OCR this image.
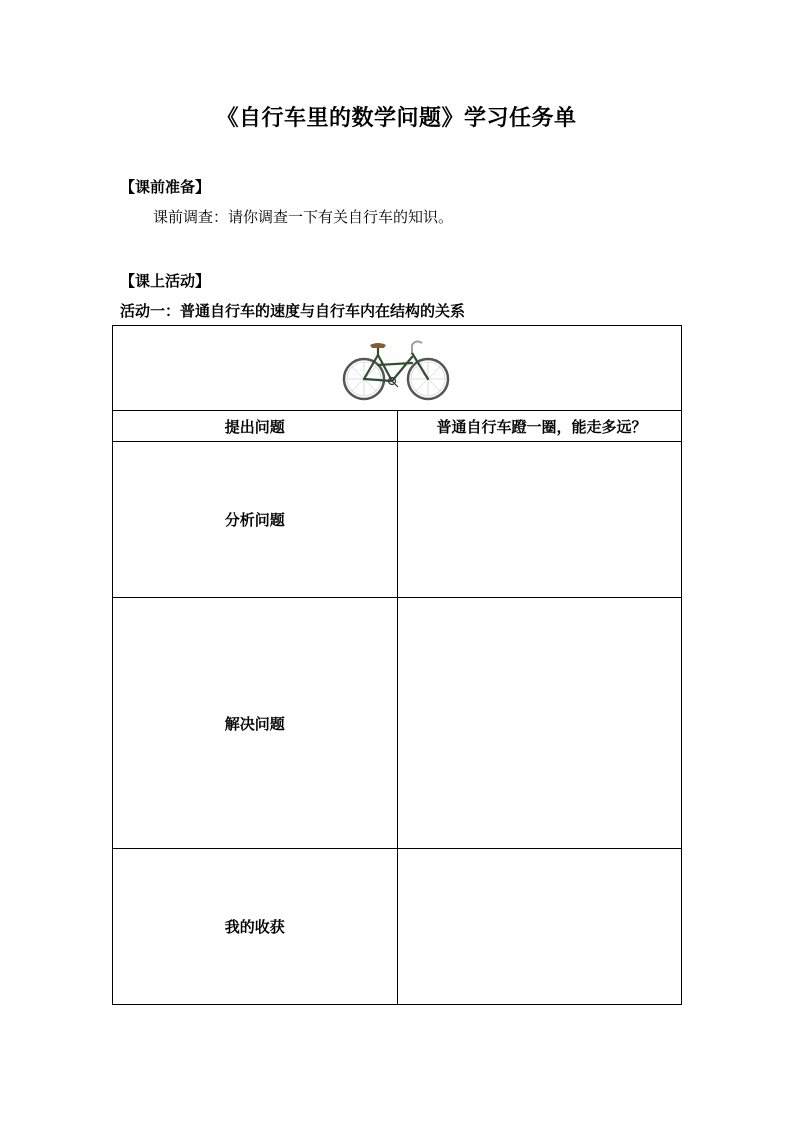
《自行车里的数学问题》学习任务单
【课前准备】
课前调查：请你调查一下有关自行车的知识。
【课上活动】
活动一：普通自行车的速度与自行车内在结构的关系

提出问题	普通自行车蹬一圈，能走多远？
分析问题	
解决问题	
我的收获	
